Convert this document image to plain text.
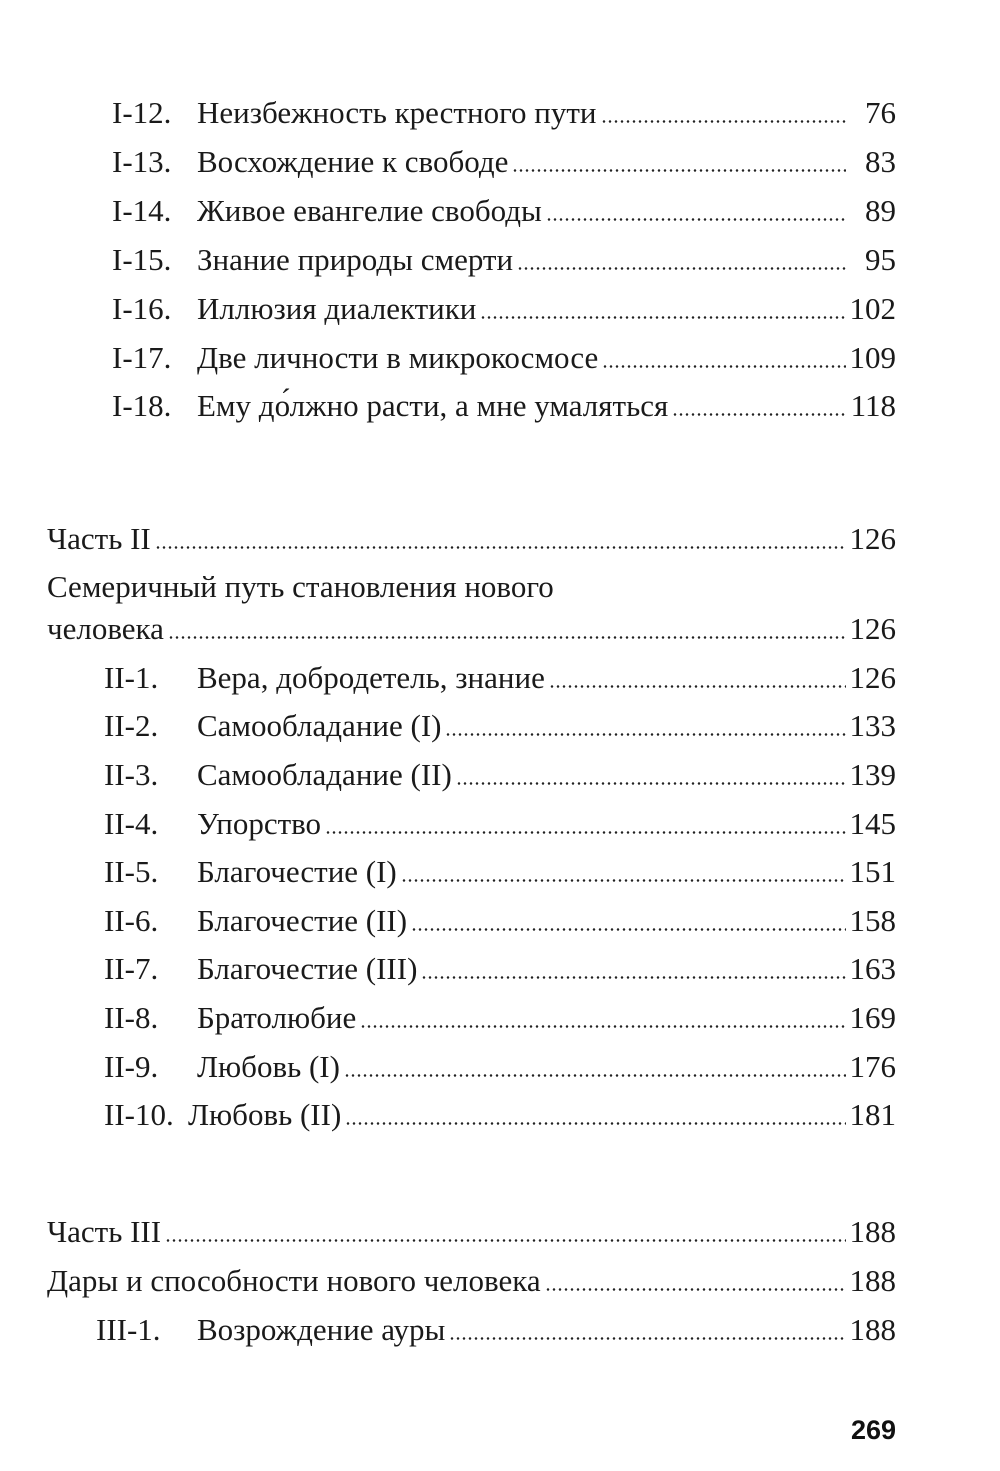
I-12. Неизбежность крестного пути	76
I-13. Восхождение к свободе	83
I-14. Живое евангелие свободы	89
I-15. Знание природы смерти	95
I-16. Иллюзия диалектики	102
I-17. Две личности в микрокосмосе	109
I-18. Ему до́лжно расти, а мне умаляться	118
Часть II	126
Семеричный путь становления нового
человека	126
II-1. Вера, добродетель, знание	126
II-2. Самообладание (I)	133
II-3. Самообладание (II)	139
II-4. Упорство	145
II-5. Благочестие (I)	151
II-6. Благочестие (II)	158
II-7. Благочестие (III)	163
II-8. Братолюбие	169
II-9. Любовь (I)	176
II-10. Любовь (II)	181
Часть III	188
Дары и способности нового человека	188
III-1. Возрождение ауры	188
269
